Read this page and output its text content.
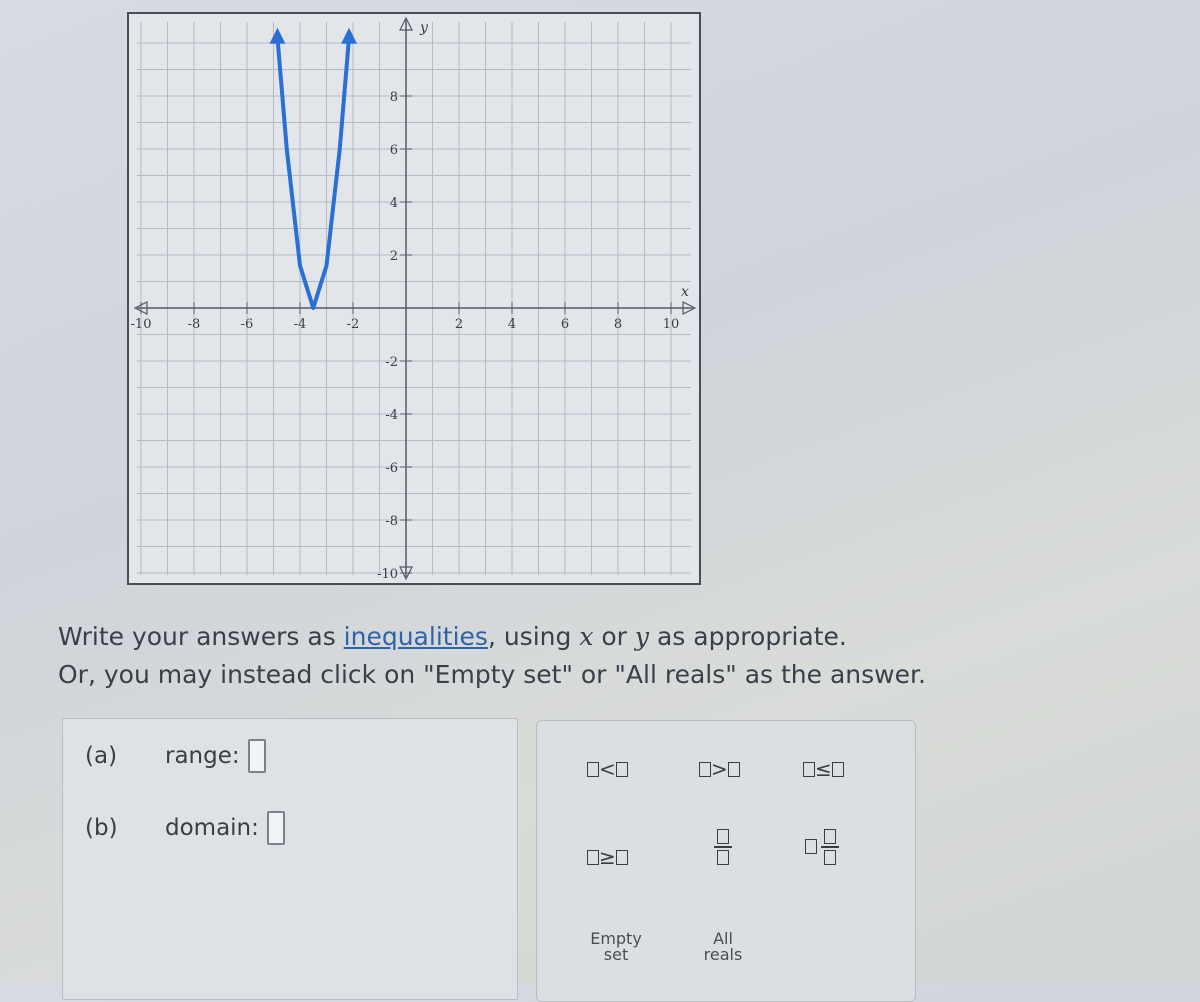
x
y
-10	-8	-6	-4	-2	2	4	6	8	10
8
6
4
2
-2
-4
-6
-8
-10
Write your answers as inequalities, using x or y as appropriate.
Or, you may instead click on "Empty set" or "All reals" as the answer.
(a)	range:
(b)	domain:
<	>	≤
≥
Empty
set
All
reals
